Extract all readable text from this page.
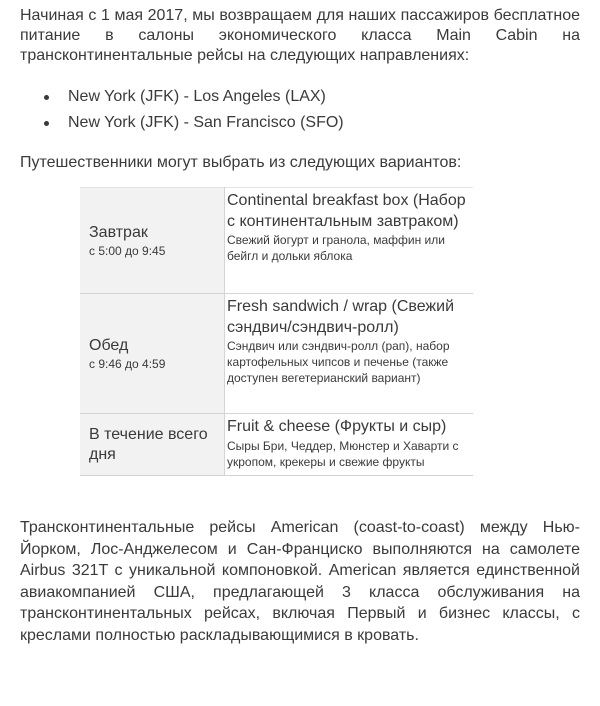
Начиная с 1 мая 2017, мы возвращаем для наших пассажиров бесплатное питание в салоны экономического класса Main Cabin на трансконтинентальные рейсы на следующих направлениях:

New York (JFK) - Los Angeles (LAX)
New York (JFK) - San Francisco (SFO)

Путешественники могут выбрать из следующих вариантов:

Завтрак
с 5:00 до 9:45	Continental breakfast box (Набор с континентальным завтраком)
Свежий йогурт и гранола, маффин или бейгл и дольки яблока

Обед
с 9:46 до 4:59	Fresh sandwich / wrap (Свежий сэндвич/сэндвич-ролл)
Сэндвич или сэндвич-ролл (рап), набор картофельных чипсов и печенье (также доступен вегетерианский вариант)

В течение всего дня	Fruit & cheese (Фрукты и сыр)
Сыры Бри, Чеддер, Мюнстер и Хаварти с укропом, крекеры и свежие фрукты

Трансконтинентальные рейсы American (coast-to-coast) между Нью-Йорком, Лос-Анджелесом и Сан-Франциско выполняются на самолете Airbus 321T с уникальной компоновкой. American является единственной авиакомпанией США, предлагающей 3 класса обслуживания на трансконтинентальных рейсах, включая Первый и бизнес классы, с креслами полностью раскладывающимися в кровать.
